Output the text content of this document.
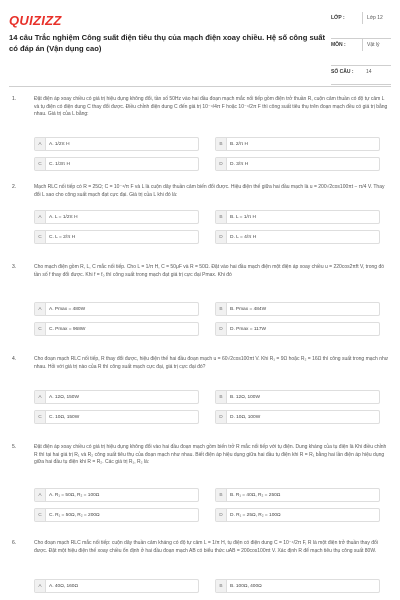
QUIZIZZ
14 câu Trắc nghiệm Công suất điện tiêu thụ của mạch điện xoay chiều. Hệ số công suất có đáp án (Vận dụng cao)
LỚP :	Lớp 12
MÔN :	Vật lý
SỐ CÂU :	14
1.	Đặt điện áp xoay chiều có giá trị hiệu dụng không đổi, tần số 50Hz vào hai đầu đoạn mạch mắc nối tiếp gồm điện trở thuần R, cuộn cảm thuần có độ tự cảm L và tụ điện có điện dung C thay đổi được. Điều chỉnh điện dung C đến giá trị 10⁻⁴/4π F hoặc 10⁻⁴/2π F thì công suất tiêu thụ trên đoạn mạch đều có giá trị bằng nhau. Giá trị của L bằng:
A	A. 1/2π H	B	B. 2/π H
C	C. 1/3π H	D	D. 3/π H
2.	Mạch RLC nối tiếp có R = 25Ω; C = 10⁻⁴/π F và L là cuộn dây thuần cảm biến đổi được. Hiệu điện thế giữa hai đầu mạch là u = 200√2cos100πt − π/4 V. Thay đổi L sao cho công suất mạch đạt cực đại. Giá trị của L khi đó là:
A	A. L = 1/2π H	B	B. L = 1/π H
C	C. L = 2/π H	D	D. L = 4/π H
3.	Cho mạch điện gồm R, L, C mắc nối tiếp. Cho L = 1/π H, C = 50μF và R = 50Ω. Đặt vào hai đầu mạch điện một điện áp xoay chiều u = 220cos2πft V, trong đó tần số f thay đổi được. Khi f = f₀ thì công suất trong mạch đạt giá trị cực đại Pmax. Khi đó
A	A. Pmax = 480W	B	B. Pmax = 484W
C	C. Pmax = 968W	D	D. Pmax = 117W
4.	Cho đoạn mạch RLC nối tiếp, R thay đổi được, hiệu điện thế hai đầu đoạn mạch u = 60√2cos100πt V. Khi R₁ = 9Ω hoặc R₂ = 16Ω thì công suất trong mạch như nhau. Hỏi với giá trị nào của R thì công suất mạch cực đại, giá trị cực đại đó?
A	A. 12Ω, 150W	B	B. 12Ω, 100W
C	C. 10Ω, 150W	D	D. 10Ω, 100W
5.	Đặt điện áp xoay chiều có giá trị hiệu dụng không đổi vào hai đầu đoạn mạch gồm biến trở R mắc nối tiếp với tụ điện. Dung kháng của tụ điện là Khi điều chỉnh R thì tại hai giá trị R₁ và R₂ công suất tiêu thụ của đoạn mạch như nhau. Biết điện áp hiệu dụng giữa hai đầu tụ điện khi R = R₁ bằng hai lần điện áp hiệu dụng giữa hai đầu tụ điện khi R = R₂. Các giá trị R₁, R₂ là:
A	A. R₁ = 50Ω, R₂ = 100Ω	B	B. R₁ = 40Ω, R₂ = 250Ω
C	C. R₁ = 50Ω, R₂ = 200Ω	D	D. R₁ = 25Ω, R₂ = 100Ω
6.	Cho đoạn mạch RLC mắc nối tiếp: cuộn dây thuần cảm kháng có độ tự cảm L = 1/π H, tụ điện có điện dung C = 10⁻⁴/2π F, R là một điện trở thuần thay đổi được. Đặt một hiệu điện thế xoay chiều ổn định ở hai đầu đoạn mạch AB có biểu thức uAB = 200cos100πt V. Xác định R để mạch tiêu thụ công suất 80W.
A	A. 40Ω, 160Ω	B	B. 100Ω, 400Ω
